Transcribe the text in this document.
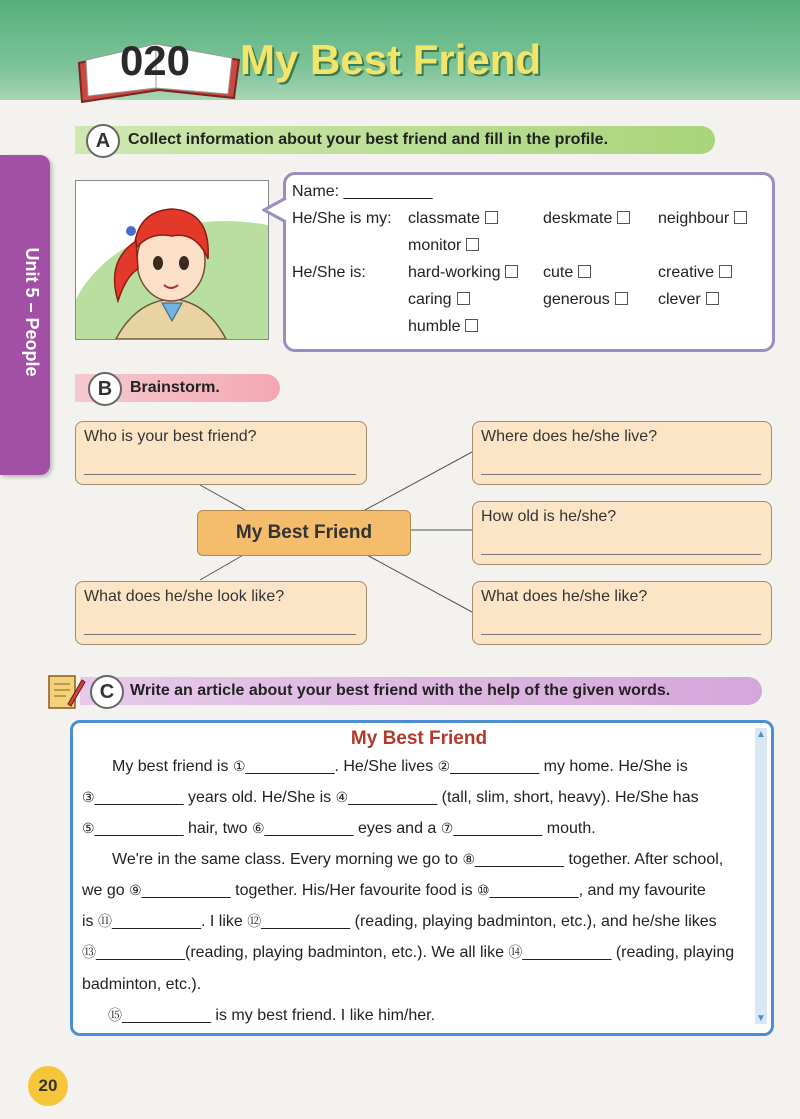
020 My Best Friend
Unit 5 – People
A	Collect information about your best friend and fill in the profile.
Name: __________
He/She is my: classmate	deskmate	neighbour
monitor
He/She is:	hard-working	cute	creative
caring	generous	clever
humble
B	Brainstorm.
Who is your best friend?	Where does he/she live?
How old is he/she?
What does he/she look like?	What does he/she like?
My Best Friend
C Write an article about your best friend with the help of the given words.
▲
▼
My Best Friend
My best friend is ①__________. He/She lives ②__________ my home. He/She is
③__________ years old. He/She is ④__________ (tall, slim, short, heavy). He/She has
⑤__________ hair, two ⑥__________ eyes and a ⑦__________ mouth.
We're in the same class. Every morning we go to ⑧__________ together. After school,
we go ⑨__________ together. His/Her favourite food is ⑩__________, and my favourite
is ⑪__________. I like ⑫__________ (reading, playing badminton, etc.), and he/she likes
⑬__________(reading, playing badminton, etc.). We all like ⑭__________ (reading, playing
badminton, etc.).
⑮__________ is my best friend. I like him/her.
20
